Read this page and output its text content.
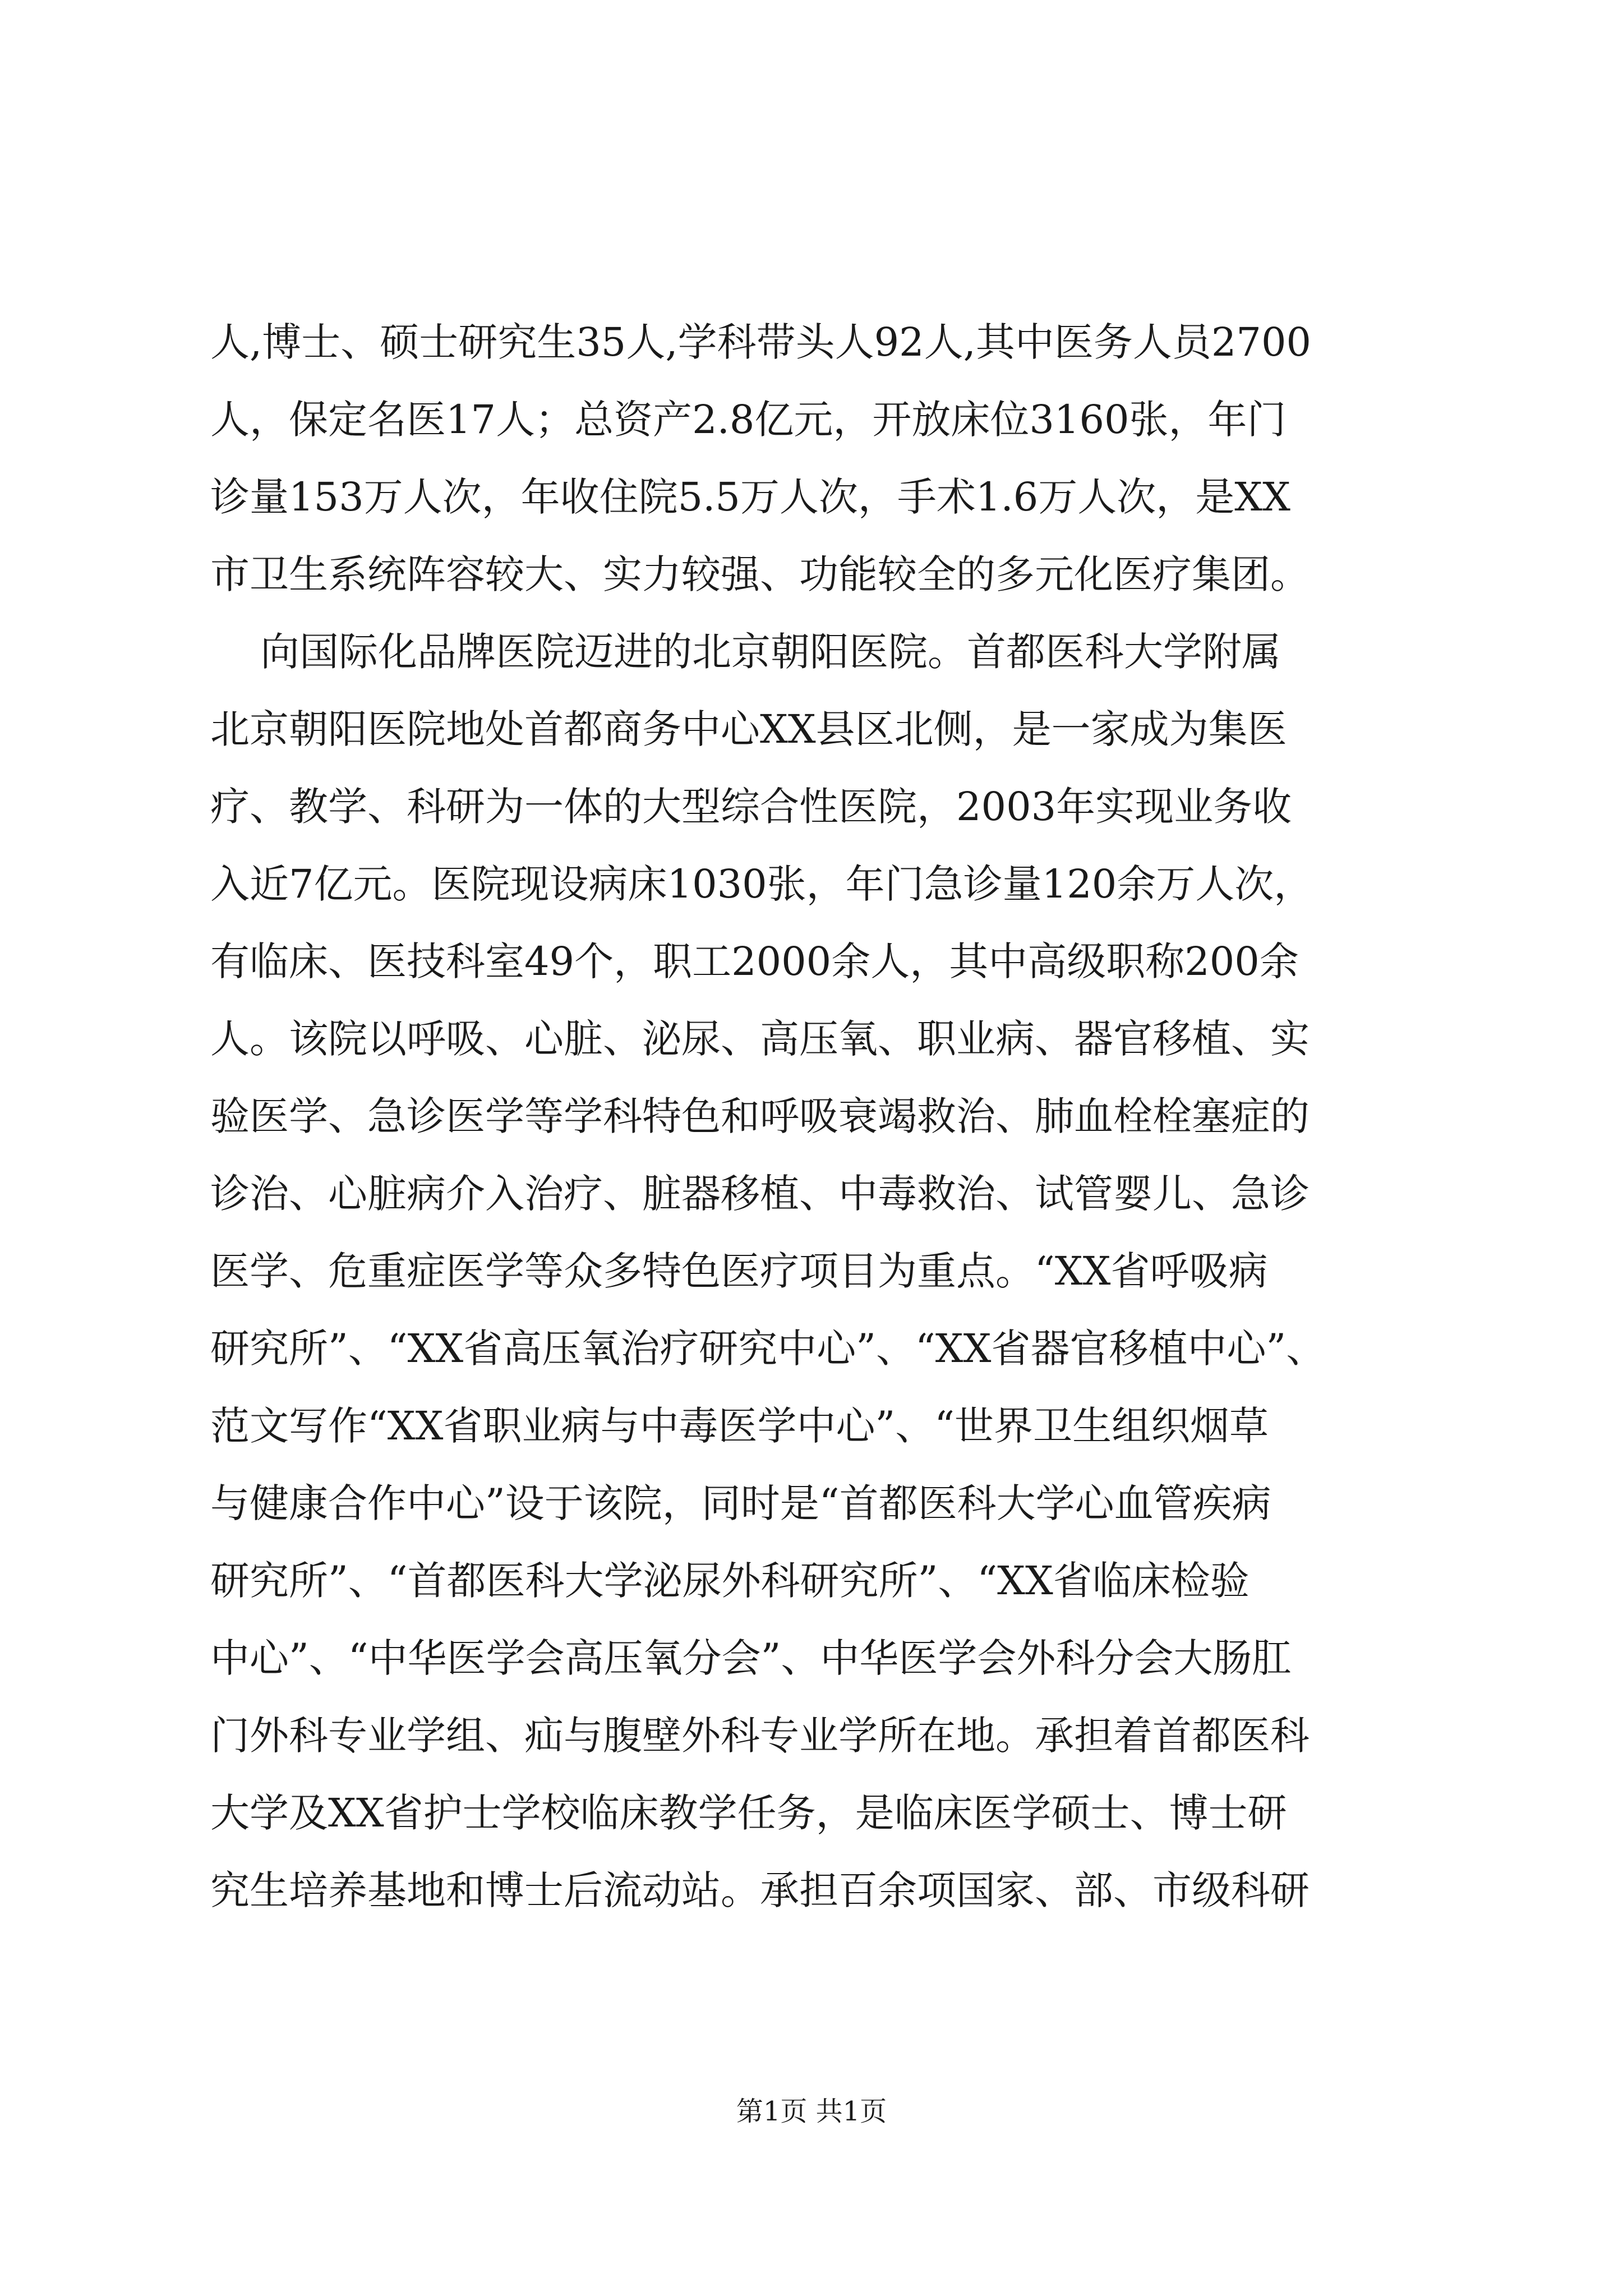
人,博士、硕士研究生35人,学科带头人92人,其中医务人员2700
人，保定名医17人；总资产2.8亿元，开放床位3160张，年门
诊量153万人次，年收住院5.5万人次，手术1.6万人次，是XX
市卫生系统阵容较大、实力较强、功能较全的多元化医疗集团。
向国际化品牌医院迈进的北京朝阳医院。首都医科大学附属
北京朝阳医院地处首都商务中心XX县区北侧，是一家成为集医
疗、教学、科研为一体的大型综合性医院，2003年实现业务收
入近7亿元。医院现设病床1030张，年门急诊量120余万人次，
有临床、医技科室49个，职工2000余人，其中高级职称200余
人。该院以呼吸、心脏、泌尿、高压氧、职业病、器官移植、实
验医学、急诊医学等学科特色和呼吸衰竭救治、肺血栓栓塞症的
诊治、心脏病介入治疗、脏器移植、中毒救治、试管婴儿、急诊
医学、危重症医学等众多特色医疗项目为重点。“XX省呼吸病
研究所”、“XX省高压氧治疗研究中心”、“XX省器官移植中心”、
范文写作“XX省职业病与中毒医学中心”、“世界卫生组织烟草
与健康合作中心”设于该院，同时是“首都医科大学心血管疾病
研究所”、“首都医科大学泌尿外科研究所”、“XX省临床检验
中心”、“中华医学会高压氧分会”、中华医学会外科分会大肠肛
门外科专业学组、疝与腹壁外科专业学所在地。承担着首都医科
大学及XX省护士学校临床教学任务，是临床医学硕士、博士研
究生培养基地和博士后流动站。承担百余项国家、部、市级科研
第1页 共1页
